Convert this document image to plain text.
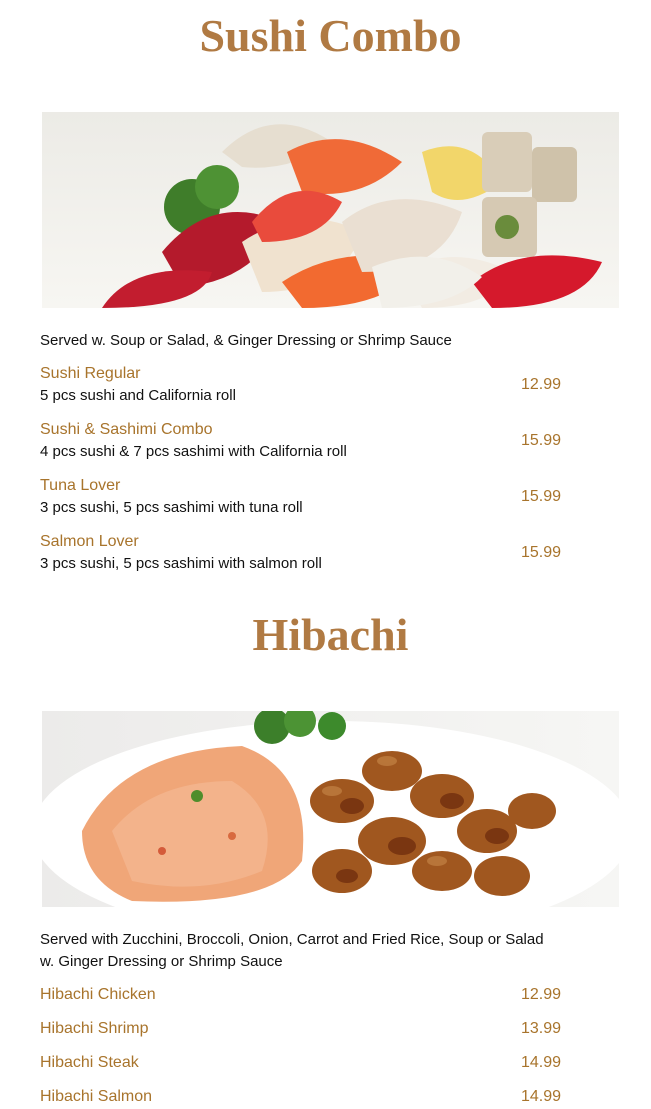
Sushi Combo
Served w. Soup or Salad, & Ginger Dressing or Shrimp Sauce
Sushi Regular
5 pcs sushi and California roll
12.99
Sushi & Sashimi Combo
4 pcs sushi & 7 pcs sashimi with California roll
15.99
Tuna Lover
3 pcs sushi, 5 pcs sashimi with tuna roll
15.99
Salmon Lover
3 pcs sushi, 5 pcs sashimi with salmon roll
15.99
Hibachi
Served with Zucchini, Broccoli, Onion, Carrot and Fried Rice, Soup or Salad
w. Ginger Dressing or Shrimp Sauce
Hibachi Chicken	12.99
Hibachi Shrimp	13.99
Hibachi Steak	14.99
Hibachi Salmon	14.99
